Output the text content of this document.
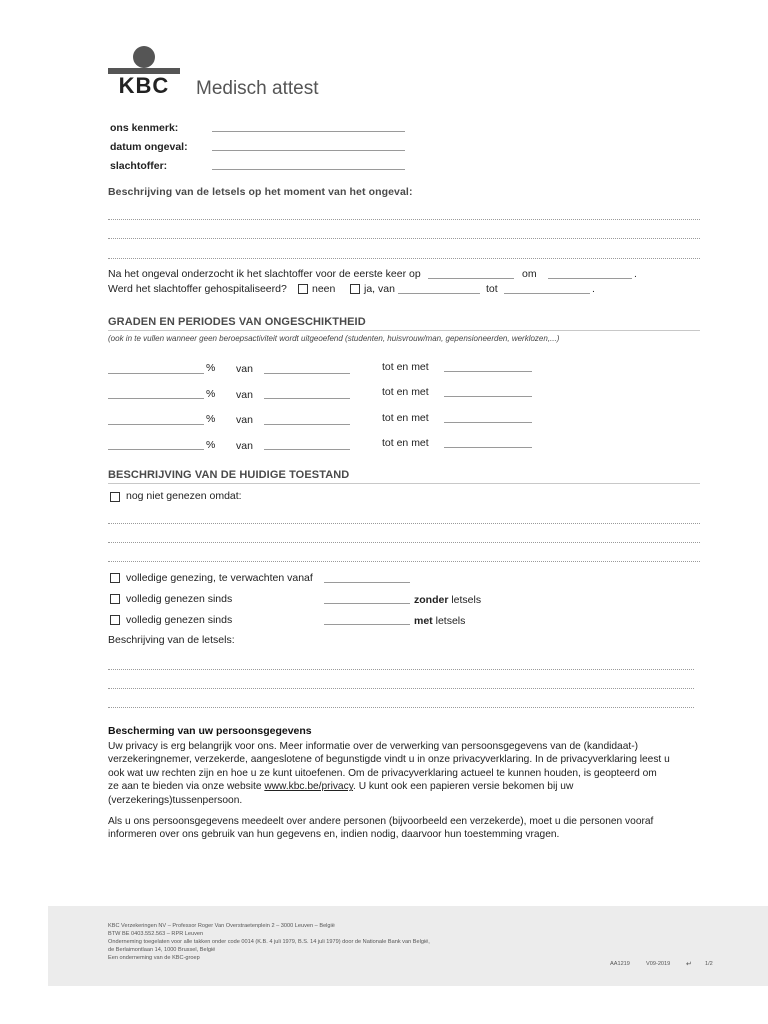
KBC	Medisch attest
ons kenmerk:
datum ongeval:
slachtoffer:
Beschrijving van de letsels op het moment van het ongeval:
Na het ongeval onderzocht ik het slachtoffer voor de eerste keer op	om	.
Werd het slachtoffer gehospitaliseerd? neen	ja, van	tot	.
GRADEN EN PERIODES VAN ONGESCHIKTHEID
(ook in te vullen wanneer geen beroepsactiviteit wordt uitgeoefend (studenten, huisvrouw/man, gepensioneerden, werklozen,...)
% van	tot en met
% van	tot en met
% van	tot en met
% van	tot en met
BESCHRIJVING VAN DE HUIDIGE TOESTAND
nog niet genezen omdat:
volledige genezing, te verwachten vanaf
volledig genezen sinds	zonder letsels
volledig genezen sinds	met letsels
Beschrijving van de letsels:
Bescherming van uw persoonsgegevens
Uw privacy is erg belangrijk voor ons. Meer informatie over de verwerking van persoonsgegevens van de (kandidaat-)
verzekeringnemer, verzekerde, aangeslotene of begunstigde vindt u in onze privacyverklaring. In de privacyverklaring leest u
ook wat uw rechten zijn en hoe u ze kunt uitoefenen. Om de privacyverklaring actueel te kunnen houden, is geopteerd om
ze aan te bieden via onze website www.kbc.be/privacy. U kunt ook een papieren versie bekomen bij uw
(verzekerings)tussenpersoon.
Als u ons persoonsgegevens meedeelt over andere personen (bijvoorbeeld een verzekerde), moet u die personen vooraf
informeren over ons gebruik van hun gegevens en, indien nodig, daarvoor hun toestemming vragen.
KBC Verzekeringen NV – Professor Roger Van Overstraetenplein 2 – 3000 Leuven – België
BTW BE 0403.552.563 – RPR Leuven
Onderneming toegelaten voor alle takken onder code 0014 (K.B. 4 juli 1979, B.S. 14 juli 1979) door de Nationale Bank van België,
de Berlaimontlaan 14, 1000 Brussel, België
Een onderneming van de KBC-groep
AA1219	V09-2019 ↵ 1/2
